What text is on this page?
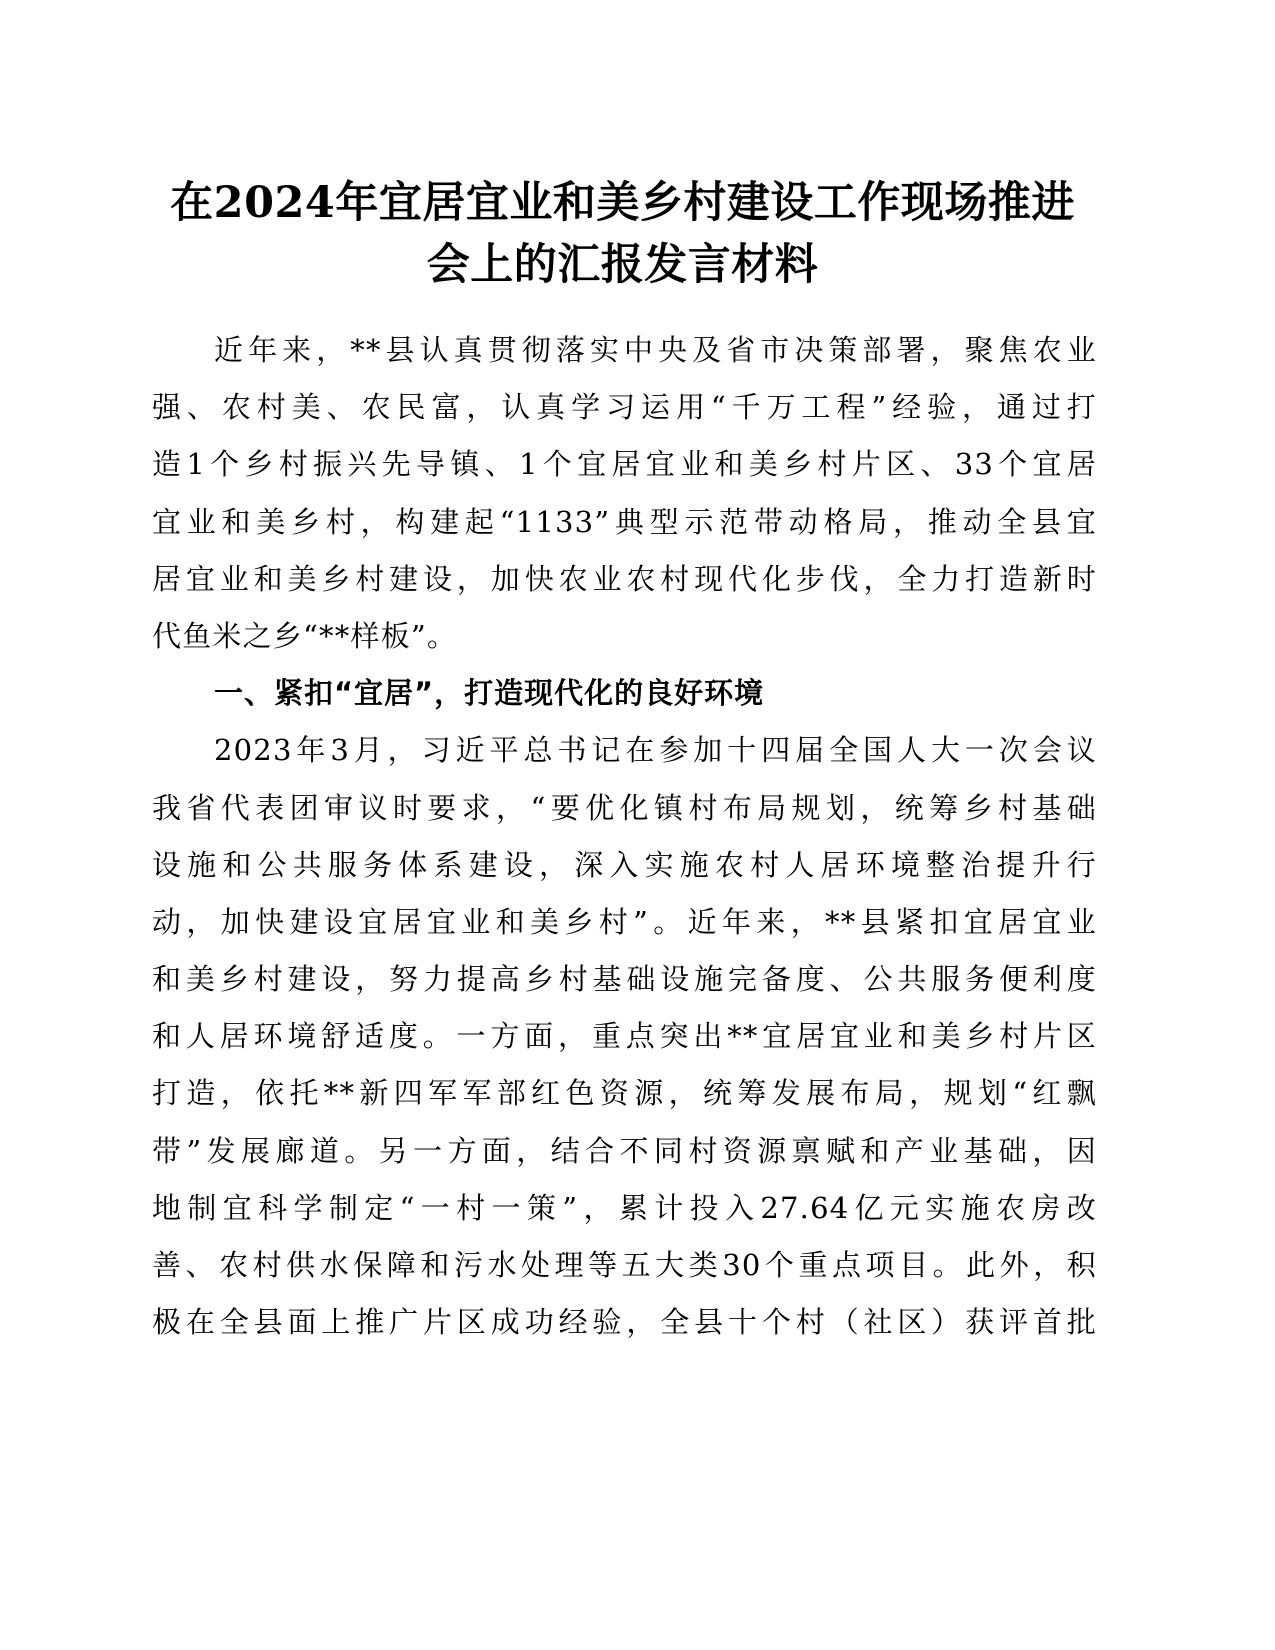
在2024年宜居宜业和美乡村建设工作现场推进
会上的汇报发言材料
近年来，**县认真贯彻落实中央及省市决策部署，聚焦农业
强、农村美、农民富，认真学习运用“千万工程”经验，通过打
造1个乡村振兴先导镇、1个宜居宜业和美乡村片区、33个宜居
宜业和美乡村，构建起“1133”典型示范带动格局，推动全县宜
居宜业和美乡村建设，加快农业农村现代化步伐，全力打造新时
代鱼米之乡“**样板”。
一、紧扣“宜居”，打造现代化的良好环境
2023年3月，习近平总书记在参加十四届全国人大一次会议
我省代表团审议时要求，“要优化镇村布局规划，统筹乡村基础
设施和公共服务体系建设，深入实施农村人居环境整治提升行
动，加快建设宜居宜业和美乡村”。近年来，**县紧扣宜居宜业
和美乡村建设，努力提高乡村基础设施完备度、公共服务便利度
和人居环境舒适度。一方面，重点突出**宜居宜业和美乡村片区
打造，依托**新四军军部红色资源，统筹发展布局，规划“红飘
带”发展廊道。另一方面，结合不同村资源禀赋和产业基础，因
地制宜科学制定“一村一策”，累计投入27.64亿元实施农房改
善、农村供水保障和污水处理等五大类30个重点项目。此外，积
极在全县面上推广片区成功经验，全县十个村（社区）获评首批
